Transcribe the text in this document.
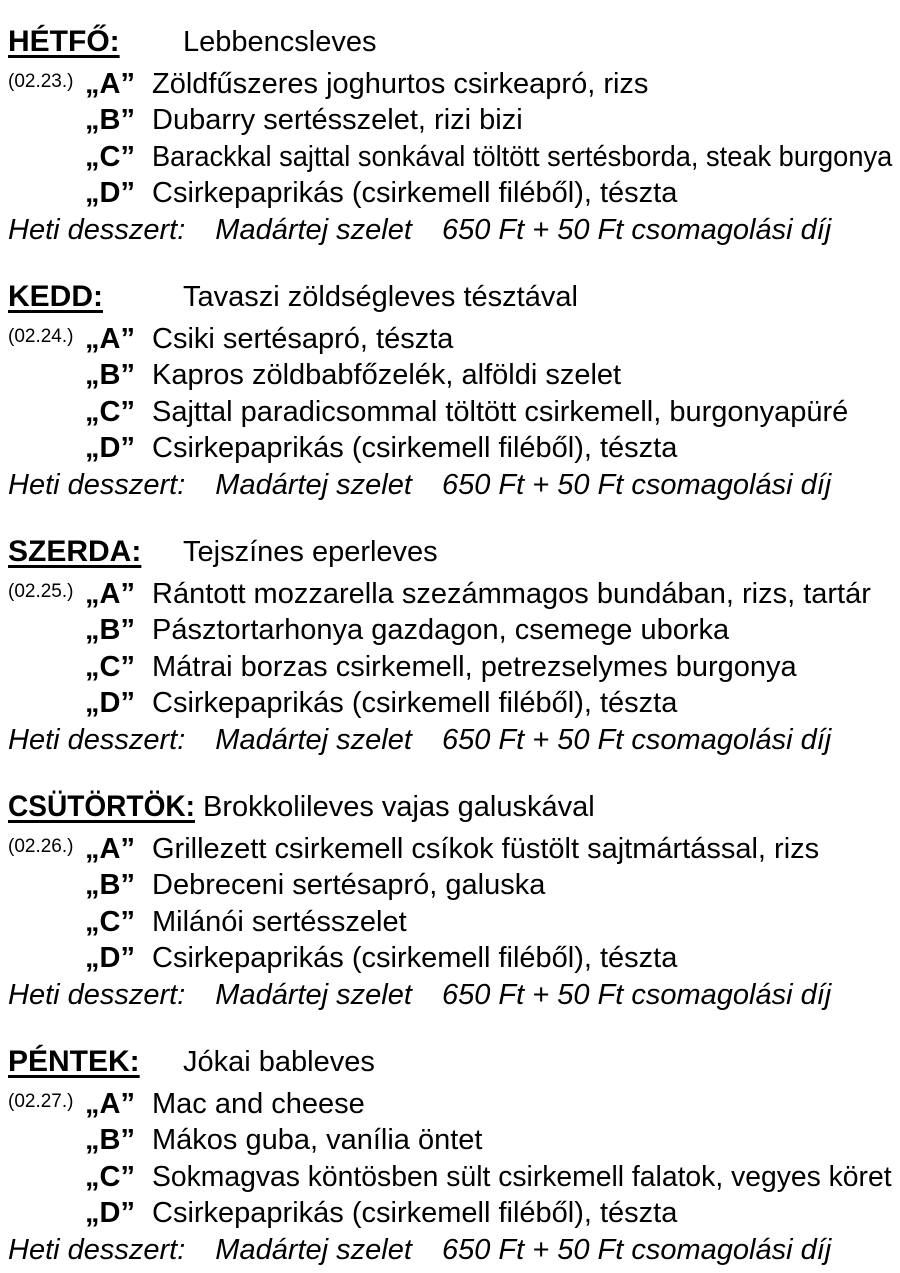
HÉTFŐ:	Lebbencsleves
(02.23.) „A” Zöldfűszeres joghurtos csirkeapró, rizs
„B” Dubarry sertésszelet, rizi bizi
„C” Barackkal sajttal sonkával töltött sertésborda, steak burgonya
„D” Csirkepaprikás (csirkemell filéből), tészta
Heti desszert: Madártej szelet 650 Ft + 50 Ft csomagolási díj
KEDD:	Tavaszi zöldségleves tésztával
(02.24.) „A” Csiki sertésapró, tészta
„B” Kapros zöldbabfőzelék, alföldi szelet
„C” Sajttal paradicsommal töltött csirkemell, burgonyapüré
„D” Csirkepaprikás (csirkemell filéből), tészta
Heti desszert: Madártej szelet 650 Ft + 50 Ft csomagolási díj
SZERDA:	Tejszínes eperleves
(02.25.) „A” Rántott mozzarella szezámmagos bundában, rizs, tartár
„B” Pásztortarhonya gazdagon, csemege uborka
„C” Mátrai borzas csirkemell, petrezselymes burgonya
„D” Csirkepaprikás (csirkemell filéből), tészta
Heti desszert: Madártej szelet 650 Ft + 50 Ft csomagolási díj
CSÜTÖRTÖK: Brokkolileves vajas galuskával
(02.26.) „A” Grillezett csirkemell csíkok füstölt sajtmártással, rizs
„B” Debreceni sertésapró, galuska
„C” Milánói sertésszelet
„D” Csirkepaprikás (csirkemell filéből), tészta
Heti desszert: Madártej szelet 650 Ft + 50 Ft csomagolási díj
PÉNTEK:	Jókai bableves
(02.27.) „A” Mac and cheese
„B” Mákos guba, vanília öntet
„C” Sokmagvas köntösben sült csirkemell falatok, vegyes köret
„D” Csirkepaprikás (csirkemell filéből), tészta
Heti desszert: Madártej szelet 650 Ft + 50 Ft csomagolási díj
